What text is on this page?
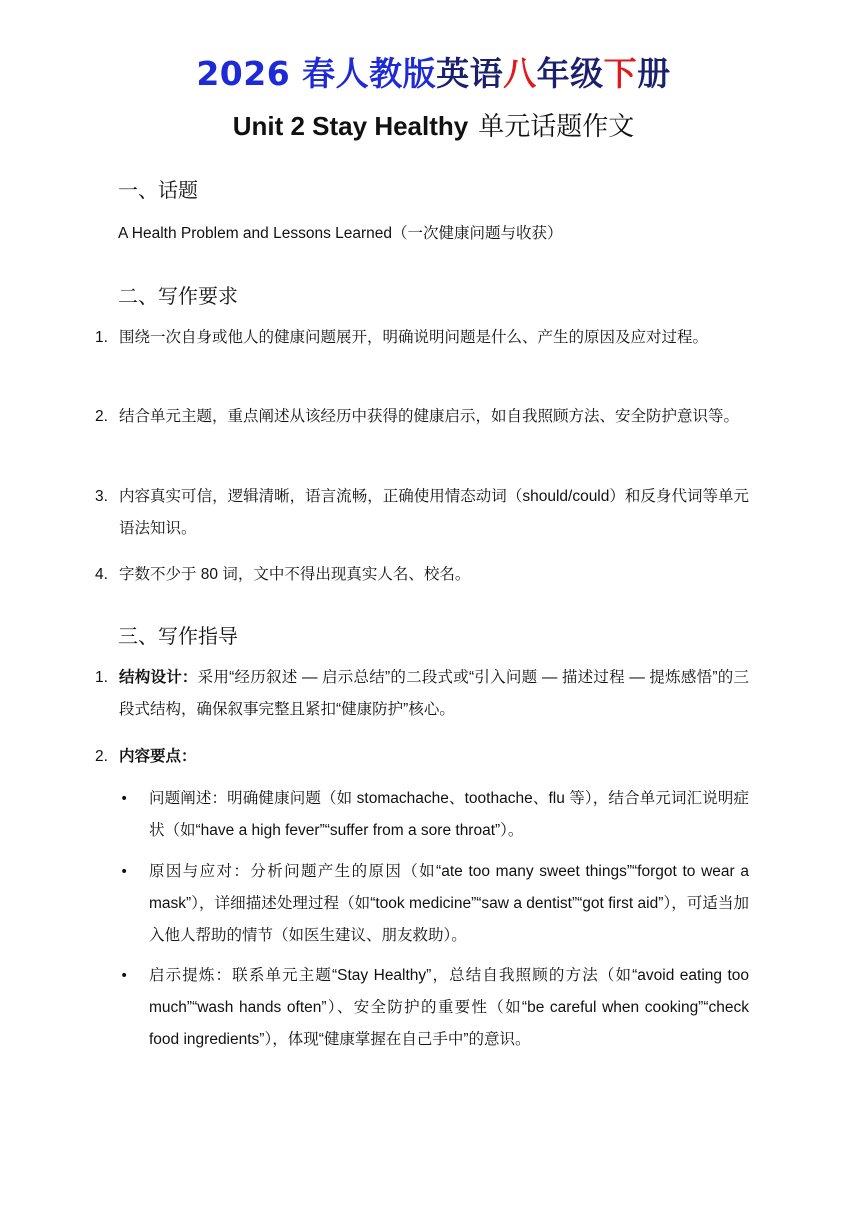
2026 春人教版英语八年级下册
Unit 2 Stay Healthy 单元话题作文
一、话题
A Health Problem and Lessons Learned（一次健康问题与收获）
二、写作要求
1. 围绕一次自身或他人的健康问题展开，明确说明问题是什么、产生的原因及应对过程。
2. 结合单元主题，重点阐述从该经历中获得的健康启示，如自我照顾方法、安全防护意识等。
3. 内容真实可信，逻辑清晰，语言流畅，正确使用情态动词（should/could）和反身代词等单元语法知识。
4. 字数不少于 80 词，文中不得出现真实人名、校名。
三、写作指导
1. 结构设计：采用“经历叙述 — 启示总结”的二段式或“引入问题 — 描述过程 — 提炼感悟”的三段式结构，确保叙事完整且紧扣“健康防护”核心。
2. 内容要点：
• 问题阐述：明确健康问题（如 stomachache、toothache、flu 等），结合单元词汇说明症状（如“have a high fever”“suffer from a sore throat”）。
• 原因与应对：分析问题产生的原因（如“ate too many sweet things”“forgot to wear a mask”），详细描述处理过程（如“took medicine”“saw a dentist”“got first aid”），可适当加入他人帮助的情节（如医生建议、朋友救助）。
• 启示提炼：联系单元主题“Stay Healthy”，总结自我照顾的方法（如“avoid eating too much”“wash hands often”）、安全防护的重要性（如“be careful when cooking”“check food ingredients”），体现“健康掌握在自己手中”的意识。
